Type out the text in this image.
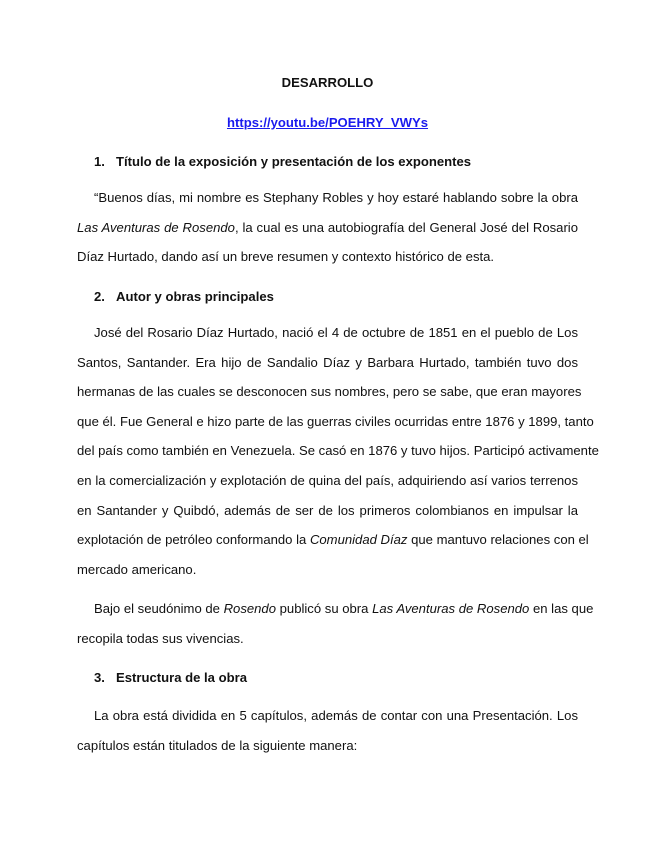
DESARROLLO
https://youtu.be/POEHRY_VWYs
1. Título de la exposición y presentación de los exponentes
“Buenos días, mi nombre es Stephany Robles y hoy estaré hablando sobre la obra
Las Aventuras de Rosendo, la cual es una autobiografía del General José del Rosario
Díaz Hurtado, dando así un breve resumen y contexto histórico de esta.
2. Autor y obras principales
José del Rosario Díaz Hurtado, nació el 4 de octubre de 1851 en el pueblo de Los
Santos, Santander. Era hijo de Sandalio Díaz y Barbara Hurtado, también tuvo dos
hermanas de las cuales se desconocen sus nombres, pero se sabe, que eran mayores
que él. Fue General e hizo parte de las guerras civiles ocurridas entre 1876 y 1899, tanto
del país como también en Venezuela. Se casó en 1876 y tuvo hijos. Participó activamente
en la comercialización y explotación de quina del país, adquiriendo así varios terrenos
en Santander y Quibdó, además de ser de los primeros colombianos en impulsar la
explotación de petróleo conformando la Comunidad Díaz que mantuvo relaciones con el
mercado americano.
Bajo el seudónimo de Rosendo publicó su obra Las Aventuras de Rosendo en las que
recopila todas sus vivencias.
3. Estructura de la obra
La obra está dividida en 5 capítulos, además de contar con una Presentación. Los
capítulos están titulados de la siguiente manera:
